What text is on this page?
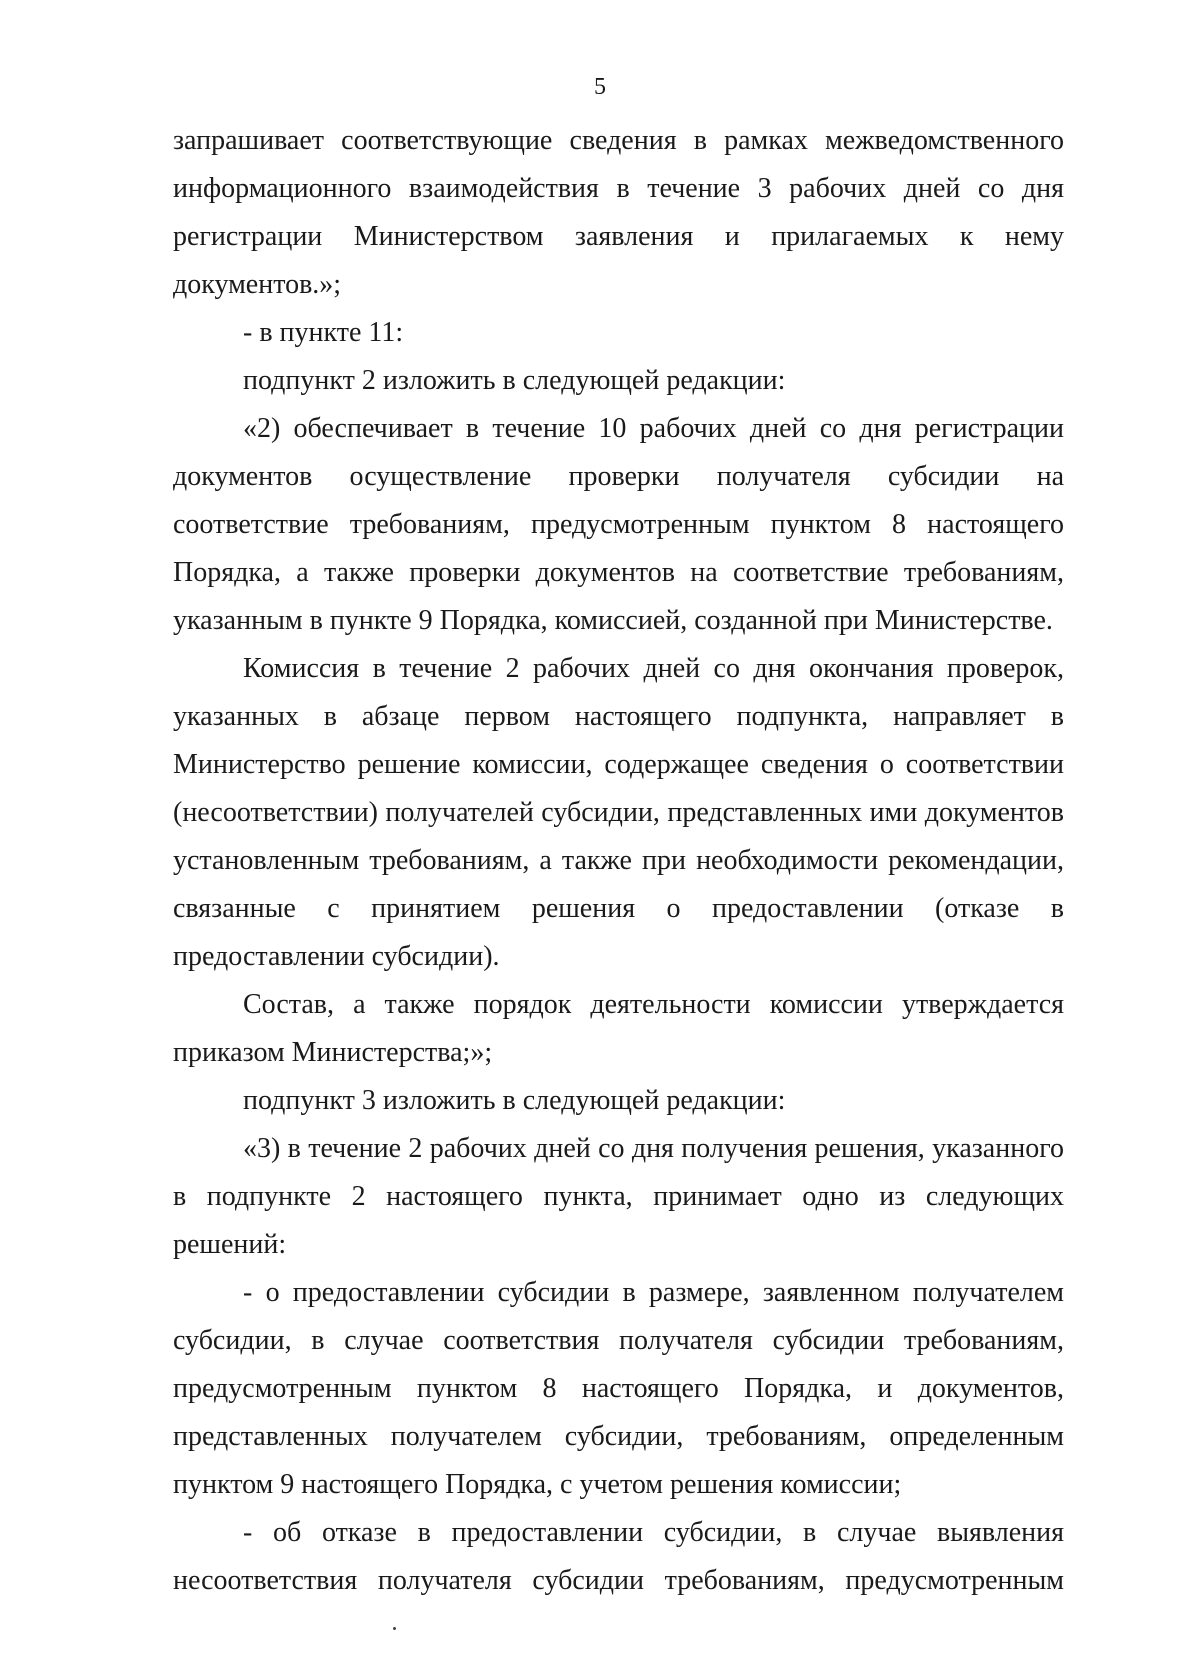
5

запрашивает соответствующие сведения в рамках межведомственного информационного взаимодействия в течение 3 рабочих дней со дня регистрации Министерством заявления и прилагаемых к нему документов.»;

- в пункте 11:

подпункт 2 изложить в следующей редакции:

«2) обеспечивает в течение 10 рабочих дней со дня регистрации документов осуществление проверки получателя субсидии на соответствие требованиям, предусмотренным пунктом 8 настоящего Порядка, а также проверки документов на соответствие требованиям, указанным в пункте 9 Порядка, комиссией, созданной при Министерстве.

Комиссия в течение 2 рабочих дней со дня окончания проверок, указанных в абзаце первом настоящего подпункта, направляет в Министерство решение комиссии, содержащее сведения о соответствии (несоответствии) получателей субсидии, представленных ими документов установленным требованиям, а также при необходимости рекомендации, связанные с принятием решения о предоставлении (отказе в предоставлении субсидии).

Состав, а также порядок деятельности комиссии утверждается приказом Министерства;»;

подпункт 3 изложить в следующей редакции:

«3) в течение 2 рабочих дней со дня получения решения, указанного в подпункте 2 настоящего пункта, принимает одно из следующих решений:

- о предоставлении субсидии в размере, заявленном получателем субсидии, в случае соответствия получателя субсидии требованиям, предусмотренным пунктом 8 настоящего Порядка, и документов, представленных получателем субсидии, требованиям, определенным пунктом 9 настоящего Порядка, с учетом решения комиссии;

- об отказе в предоставлении субсидии, в случае выявления несоответствия получателя субсидии требованиям, предусмотренным
